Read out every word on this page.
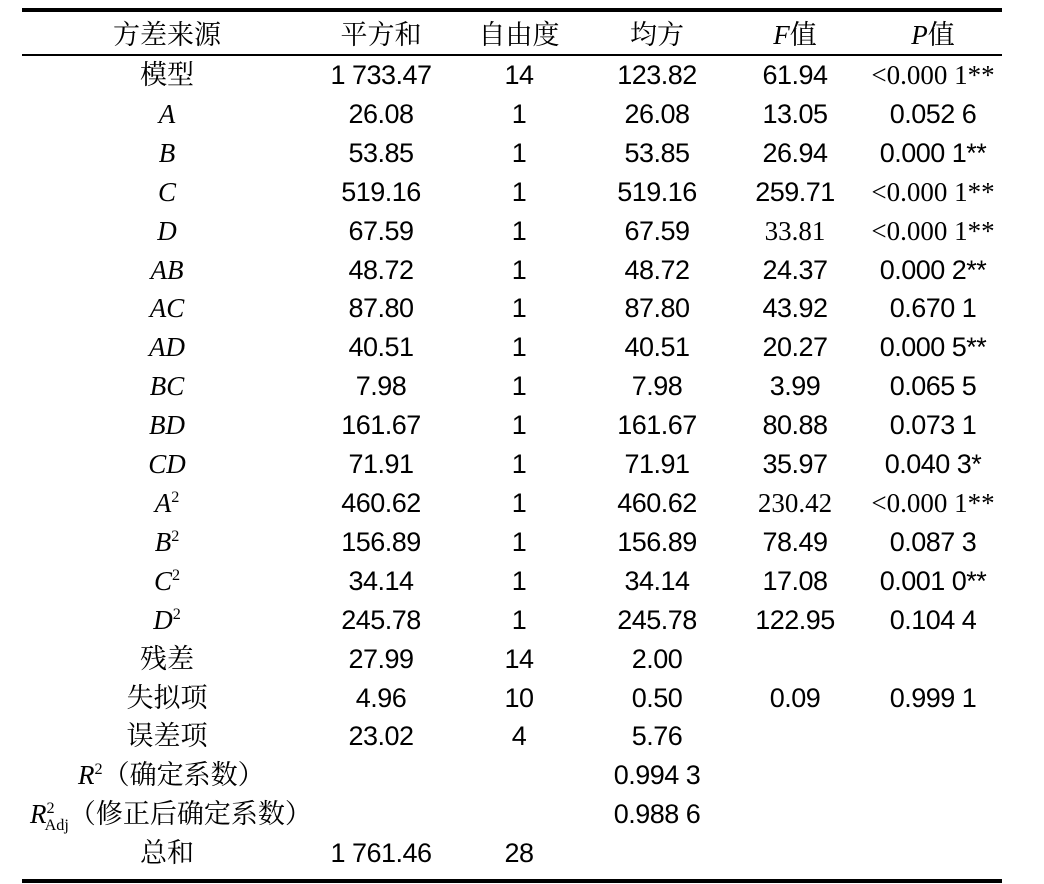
方差来源	平方和	自由度	均方	F值	P值
模型	1 733.47	14	123.82	61.94	<0.000 1**
A	26.08	1	26.08	13.05	0.052 6
B	53.85	1	53.85	26.94	0.000 1**
C	519.16	1	519.16	259.71	<0.000 1**
D	67.59	1	67.59	33.81	<0.000 1**
AB	48.72	1	48.72	24.37	0.000 2**
AC	87.80	1	87.80	43.92	0.670 1
AD	40.51	1	40.51	20.27	0.000 5**
BC	7.98	1	7.98	3.99	0.065 5
BD	161.67	1	161.67	80.88	0.073 1
CD	71.91	1	71.91	35.97	0.040 3*
$A^2$	460.62	1	460.62	230.42	<0.000 1**
$B^2$	156.89	1	156.89	78.49	0.087 3
$C^2$	34.14	1	34.14	17.08	0.001 0**
$D^2$	245.78	1	245.78	122.95	0.104 4
残差	27.99	14	2.00		
失拟项	4.96	10	0.50	0.09	0.999 1
误差项	23.02	4	5.76		
$R^2$（确定系数）			0.994 3		
$R^2_{Adj}$（修正后确定系数）			0.988 6		
总和	1 761.46	28			
